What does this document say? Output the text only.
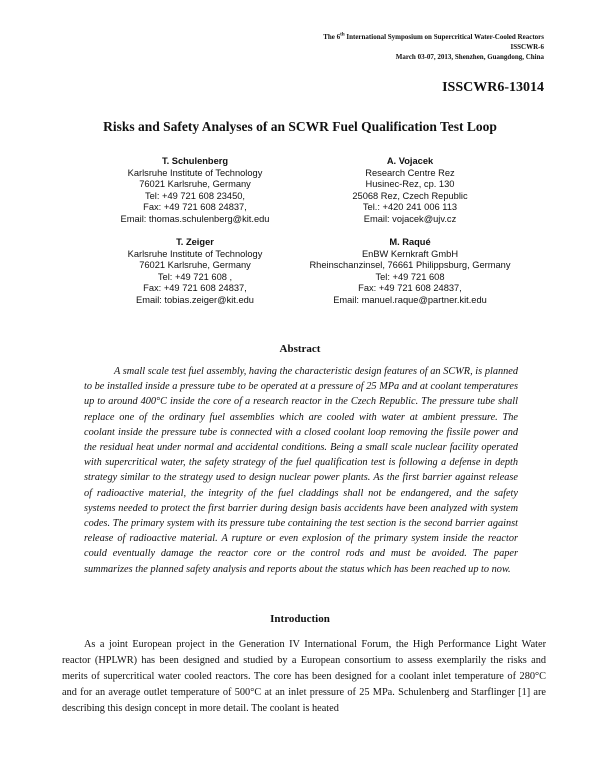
The 6th International Symposium on Supercritical Water-Cooled Reactors
ISSCWR-6
March 03-07, 2013, Shenzhen, Guangdong, China
ISSCWR6-13014
Risks and Safety Analyses of an SCWR Fuel Qualification Test Loop
T. Schulenberg
Karlsruhe Institute of Technology
76021 Karlsruhe, Germany
Tel: +49 721 608 23450,
Fax: +49 721 608 24837,
Email: thomas.schulenberg@kit.edu
A. Vojacek
Research Centre Rez
Husinec-Rez, cp. 130
25068 Rez, Czech Republic
Tel.: +420 241 006 113
Email: vojacek@ujv.cz
T. Zeiger
Karlsruhe Institute of Technology
76021 Karlsruhe, Germany
Tel: +49 721 608 ,
Fax: +49 721 608 24837,
Email: tobias.zeiger@kit.edu
M. Raqué
EnBW Kernkraft GmbH
Rheinschanzinsel, 76661 Philippsburg, Germany
Tel: +49 721 608
Fax: +49 721 608 24837,
Email: manuel.raque@partner.kit.edu
Abstract

A small scale test fuel assembly, having the characteristic design features of an SCWR, is planned to be installed inside a pressure tube to be operated at a pressure of 25 MPa and at coolant temperatures up to around 400°C inside the core of a research reactor in the Czech Republic. The pressure tube shall replace one of the ordinary fuel assemblies which are cooled with water at ambient pressure. The coolant inside the pressure tube is connected with a closed coolant loop removing the fissile power and the residual heat under normal and accidental conditions. Being a small scale nuclear facility operated with supercritical water, the safety strategy of the fuel qualification test is following a defense in depth strategy similar to the strategy used to design nuclear power plants. As the first barrier against release of radioactive material, the integrity of the fuel claddings shall not be endangered, and the safety systems needed to protect the first barrier during design basis accidents have been analyzed with system codes. The primary system with its pressure tube containing the test section is the second barrier against release of radioactive material. A rupture or even explosion of the primary system inside the reactor could eventually damage the reactor core or the control rods and must be avoided. The paper summarizes the planned safety analysis and reports about the status which has been reached up to now.

Introduction

As a joint European project in the Generation IV International Forum, the High Performance Light Water reactor (HPLWR) has been designed and studied by a European consortium to assess exemplarily the risks and merits of supercritical water cooled reactors. The core has been designed for a coolant inlet temperature of 280°C and for an average outlet temperature of 500°C at an inlet pressure of 25 MPa. Schulenberg and Starflinger [1] are describing this design concept in more detail. The coolant is heated
